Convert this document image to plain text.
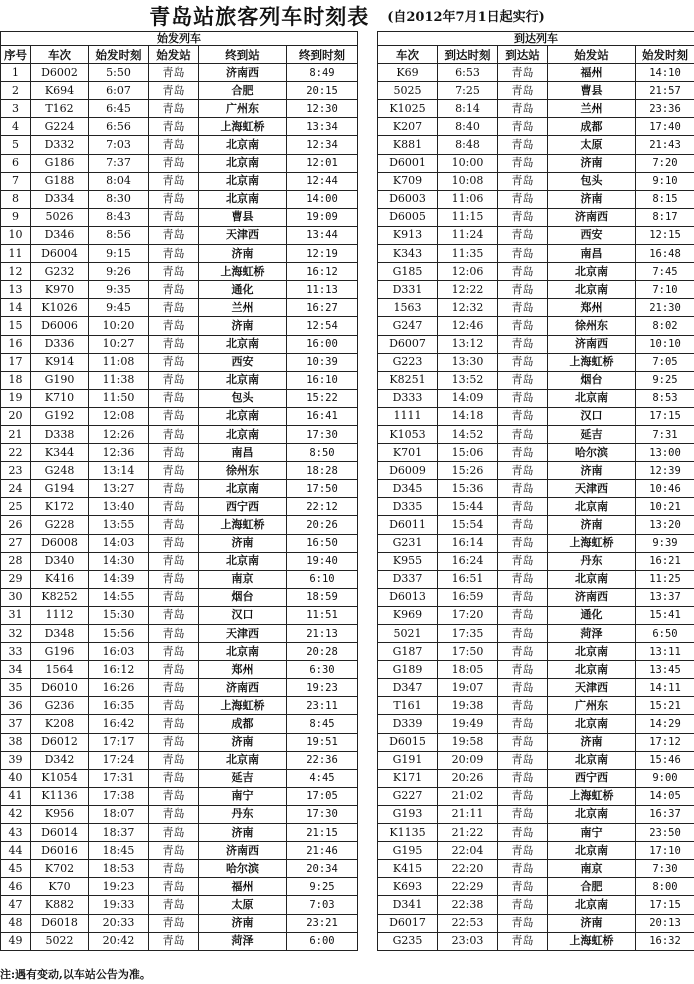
青岛站旅客列车时刻表 (自2012年7月1日起实行)
始发列车					
序号	车次	始发时刻	始发站	终到站	终到时刻
1	D6002	5:50	青岛	济南西	8:49
2	K694	6:07	青岛	合肥	20:15
3	T162	6:45	青岛	广州东	12:30
4	G224	6:56	青岛	上海虹桥	13:34
5	D332	7:03	青岛	北京南	12:34
6	G186	7:37	青岛	北京南	12:01
7	G188	8:04	青岛	北京南	12:44
8	D334	8:30	青岛	北京南	14:00
9	5026	8:43	青岛	曹县	19:09
10	D346	8:56	青岛	天津西	13:44
11	D6004	9:15	青岛	济南	12:19
12	G232	9:26	青岛	上海虹桥	16:12
13	K970	9:35	青岛	通化	11:13
14	K1026	9:45	青岛	兰州	16:27
15	D6006	10:20	青岛	济南	12:54
16	D336	10:27	青岛	北京南	16:00
17	K914	11:08	青岛	西安	10:39
18	G190	11:38	青岛	北京南	16:10
19	K710	11:50	青岛	包头	15:22
20	G192	12:08	青岛	北京南	16:41
21	D338	12:26	青岛	北京南	17:30
22	K344	12:36	青岛	南昌	8:50
23	G248	13:14	青岛	徐州东	18:28
24	G194	13:27	青岛	北京南	17:50
25	K172	13:40	青岛	西宁西	22:12
26	G228	13:55	青岛	上海虹桥	20:26
27	D6008	14:03	青岛	济南	16:50
28	D340	14:30	青岛	北京南	19:40
29	K416	14:39	青岛	南京	6:10
30	K8252	14:55	青岛	烟台	18:59
31	1112	15:30	青岛	汉口	11:51
32	D348	15:56	青岛	天津西	21:13
33	G196	16:03	青岛	北京南	20:28
34	1564	16:12	青岛	郑州	6:30
35	D6010	16:26	青岛	济南西	19:23
36	G236	16:35	青岛	上海虹桥	23:11
37	K208	16:42	青岛	成都	8:45
38	D6012	17:17	青岛	济南	19:51
39	D342	17:24	青岛	北京南	22:36
40	K1054	17:31	青岛	延吉	4:45
41	K1136	17:38	青岛	南宁	17:05
42	K956	18:07	青岛	丹东	17:30
43	D6014	18:37	青岛	济南	21:15
44	D6016	18:45	青岛	济南西	21:46
45	K702	18:53	青岛	哈尔滨	20:34
46	K70	19:23	青岛	福州	9:25
47	K882	19:33	青岛	太原	7:03
48	D6018	20:33	青岛	济南	23:21
49	5022	20:42	青岛	菏泽	6:00
到达列车				
车次	到达时刻	到达站	始发站	始发时刻
K69	6:53	青岛	福州	14:10
5025	7:25	青岛	曹县	21:57
K1025	8:14	青岛	兰州	23:36
K207	8:40	青岛	成都	17:40
K881	8:48	青岛	太原	21:43
D6001	10:00	青岛	济南	7:20
K709	10:08	青岛	包头	9:10
D6003	11:06	青岛	济南	8:15
D6005	11:15	青岛	济南西	8:17
K913	11:24	青岛	西安	12:15
K343	11:35	青岛	南昌	16:48
G185	12:06	青岛	北京南	7:45
D331	12:22	青岛	北京南	7:10
1563	12:32	青岛	郑州	21:30
G247	12:46	青岛	徐州东	8:02
D6007	13:12	青岛	济南西	10:10
G223	13:30	青岛	上海虹桥	7:05
K8251	13:52	青岛	烟台	9:25
D333	14:09	青岛	北京南	8:53
1111	14:18	青岛	汉口	17:15
K1053	14:52	青岛	延吉	7:31
K701	15:06	青岛	哈尔滨	13:00
D6009	15:26	青岛	济南	12:39
D345	15:36	青岛	天津西	10:46
D335	15:44	青岛	北京南	10:21
D6011	15:54	青岛	济南	13:20
G231	16:14	青岛	上海虹桥	9:39
K955	16:24	青岛	丹东	16:21
D337	16:51	青岛	北京南	11:25
D6013	16:59	青岛	济南西	13:37
K969	17:20	青岛	通化	15:41
5021	17:35	青岛	菏泽	6:50
G187	17:50	青岛	北京南	13:11
G189	18:05	青岛	北京南	13:45
D347	19:07	青岛	天津西	14:11
T161	19:38	青岛	广州东	15:21
D339	19:49	青岛	北京南	14:29
D6015	19:58	青岛	济南	17:12
G191	20:09	青岛	北京南	15:46
K171	20:26	青岛	西宁西	9:00
G227	21:02	青岛	上海虹桥	14:05
G193	21:11	青岛	北京南	16:37
K1135	21:22	青岛	南宁	23:50
G195	22:04	青岛	北京南	17:10
K415	22:20	青岛	南京	7:30
K693	22:29	青岛	合肥	8:00
D341	22:38	青岛	北京南	17:15
D6017	22:53	青岛	济南	20:13
G235	23:03	青岛	上海虹桥	16:32
注:遇有变动,以车站公告为准。
